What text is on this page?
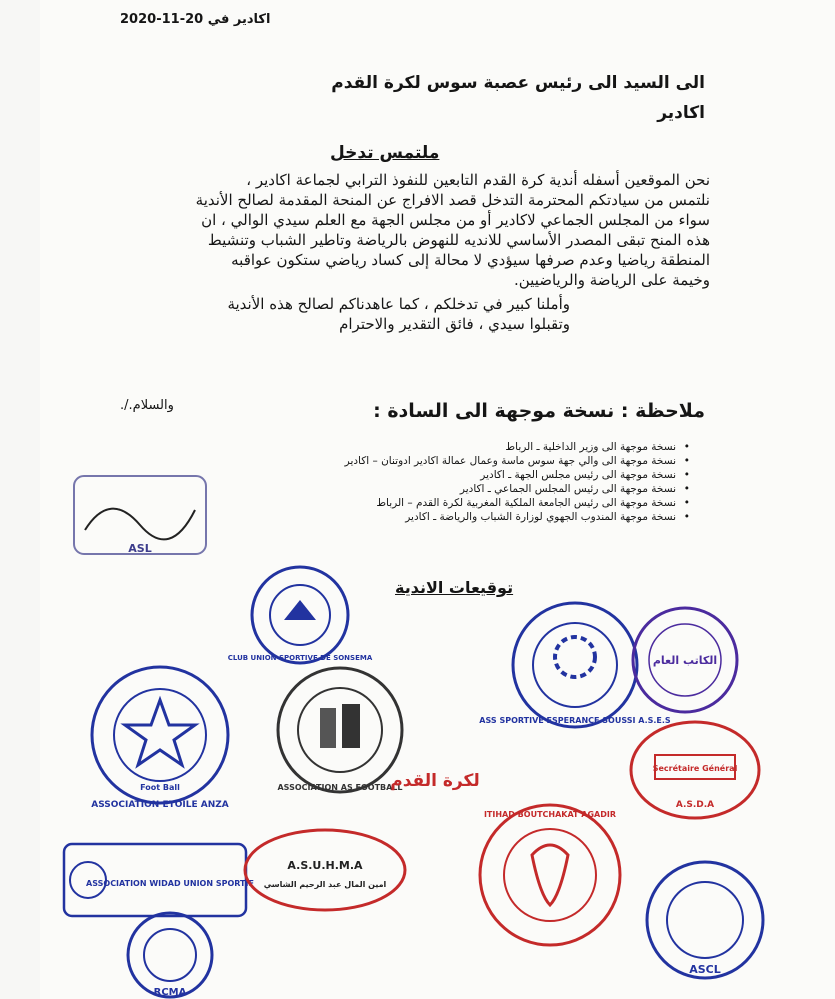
اكادير في 20-11-2020
الى السيد الى رئيس عصبة سوس لكرة القدم
اكادير
ملتمس تدخل

نحن الموقعين أسفله أندية كرة القدم التابعين للنفوذ الترابي لجماعة اكادير ،

نلتمس من سيادتكم المحترمة التدخل قصد الافراج عن المنحة المقدمة لصالح الأندية

سواء من المجلس الجماعي لاكادير أو من مجلس الجهة مع العلم سيدي الوالي ، ان

هذه المنح تبقى المصدر الأساسي للانديه للنهوض بالرياضة وتاطير الشباب وتنشيط

المنطقة رياضيا وعدم صرفها سيؤدي لا محالة إلى كساد رياضي ستكون عواقبه

وخيمة على الرياضة والرياضيين.

وأملنا كبير في تدخلكم ، كما عاهدناكم لصالح هذه الأندية

وتقبلوا سيدي ، فائق التقدير والاحترام

والسلام./.	ملاحظة : نسخة موجهة الى السادة :
• نسخة موجهة الى وزير الداخلية ـ الرباط
• نسخة موجهة الى والي جهة سوس ماسة وعمال عمالة اكادير ادوتنان – اكادير
• نسخة موجهة الى رئيس مجلس الجهة ـ اكادير
• نسخة موجهة الى رئيس المجلس الجماعي ـ اكادير
• نسخة موجهة الى رئيس الجامعة الملكية المغربية لكرة القدم – الرباط
• نسخة موجهة المندوب الجهوي لوزارة الشباب والرياضة ـ اكادير
توقيعات الاندية
ASL
CLUB UNION SPORTIVE DE SONSEMA
ASS SPORTIVE ESPERANCE SOUSSI A.S.E.S
الكاتب العام
Foot Ball
ASSOCIATION ETOILE ANZA
ASSOCIATION AS FOOTBALL
لكرة القدم
Secrétaire Général
A.S.D.A
ASSOCIATION WIDAD UNION SPORTIF
A.S.U.H.M.A
امين المال عبد الرحيم الشاسي
ITIHAD BOUTCHAKAT AGADIR
ASCL
RCMA
